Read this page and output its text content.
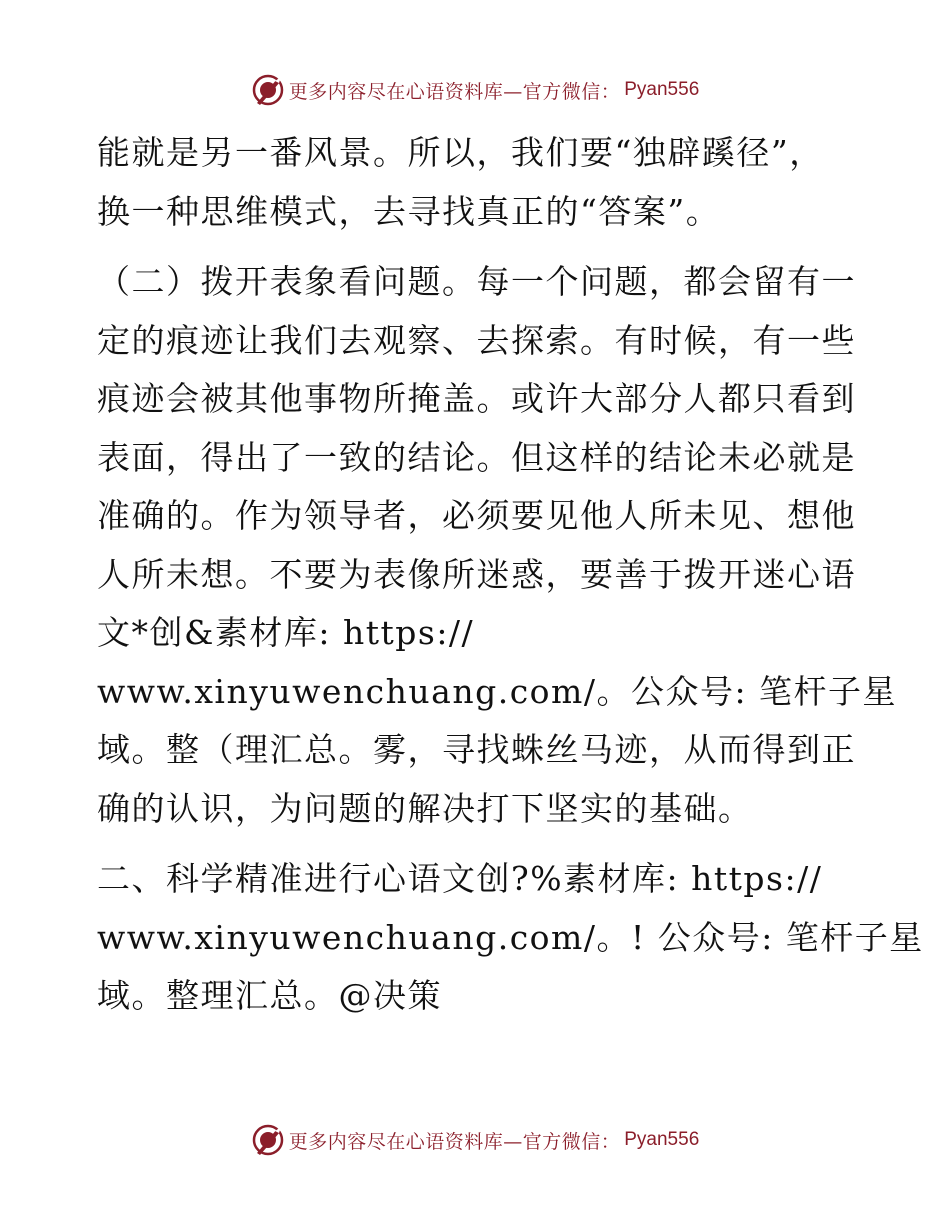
更多内容尽在心语资料库—官方微信： Pyan556
能就是另一番风景。所以，我们要“独辟蹊径”，
换一种思维模式，去寻找真正的“答案”。
（二）拨开表象看问题。每一个问题，都会留有一
定的痕迹让我们去观察、去探索。有时候，有一些
痕迹会被其他事物所掩盖。或许大部分人都只看到
表面，得出了一致的结论。但这样的结论未必就是
准确的。作为领导者，必须要见他人所未见、想他
人所未想。不要为表像所迷惑，要善于拨开迷心语
文*创&素材库: https://
www.xinyuwenchuang.com/。公众号: 笔杆子星
域。整（理汇总。雾，寻找蛛丝马迹，从而得到正
确的认识，为问题的解决打下坚实的基础。
二、科学精准进行心语文创?%素材库: https://
www.xinyuwenchuang.com/。! 公众号: 笔杆子星
域。整理汇总。@决策
更多内容尽在心语资料库—官方微信： Pyan556
